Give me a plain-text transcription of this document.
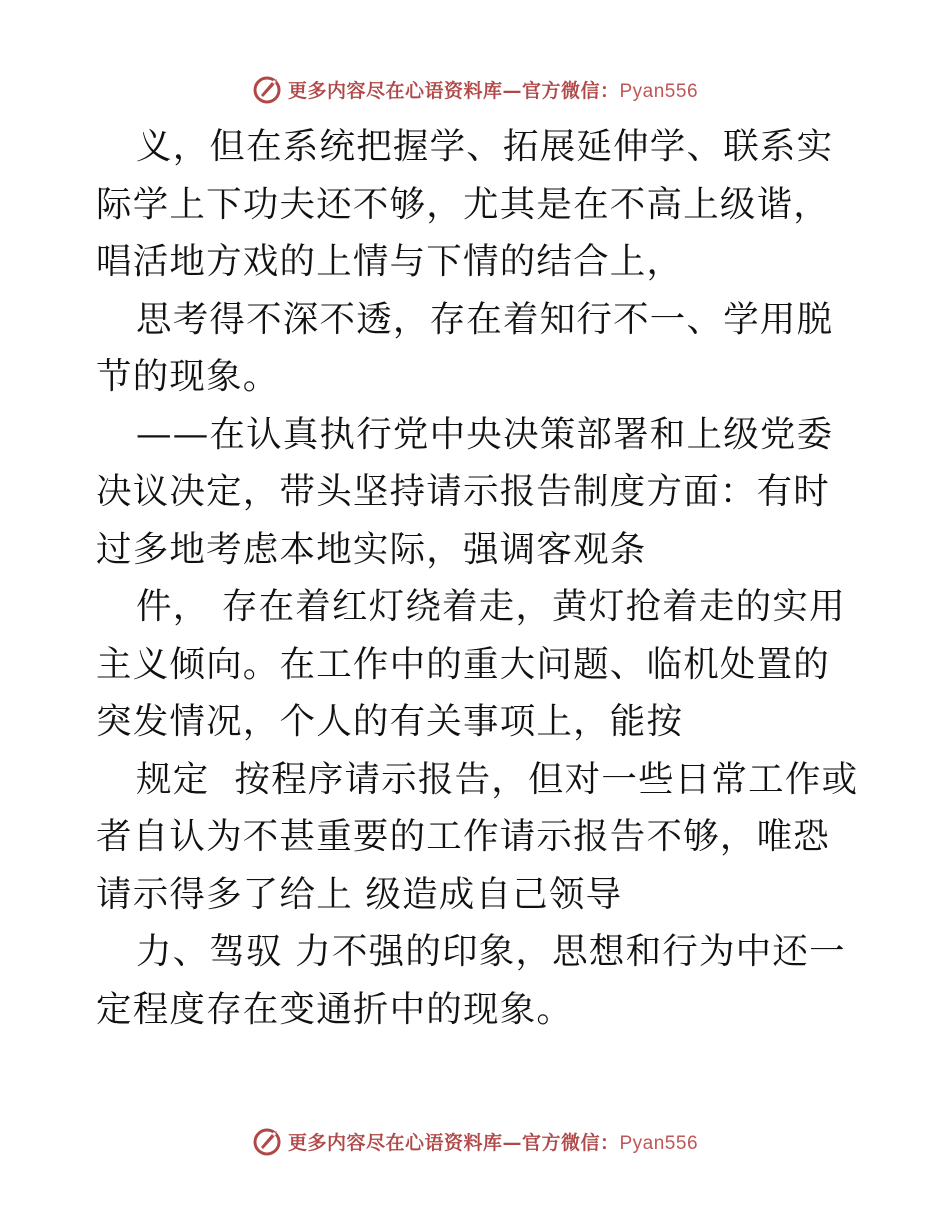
更多内容尽在心语资料库—官方微信：Pyan556

义，但在系统把握学、拓展延伸学、联系实际学上下功夫还不够，尤其是在不高上级谐，唱活地方戏的上情与下情的结合上，

思考得不深不透，存在着知行不一、学用脱节的现象。

——在认真执行党中央决策部署和上级党委决议决定，带头坚持请示报告制度方面：有时过多地考虑本地实际，强调客观条

件， 存在着红灯绕着走，黄灯抢着走的实用主义倾向。在工作中的重大问题、临机处置的突发情况，个人的有关事项上，能按

规定  按程序请示报告，但对一些日常工作或者自认为不甚重要的工作请示报告不够，唯恐请示得多了给上 级造成自己领导

力、驾驭 力不强的印象，思想和行为中还一定程度存在变通折中的现象。

更多内容尽在心语资料库—官方微信：Pyan556
